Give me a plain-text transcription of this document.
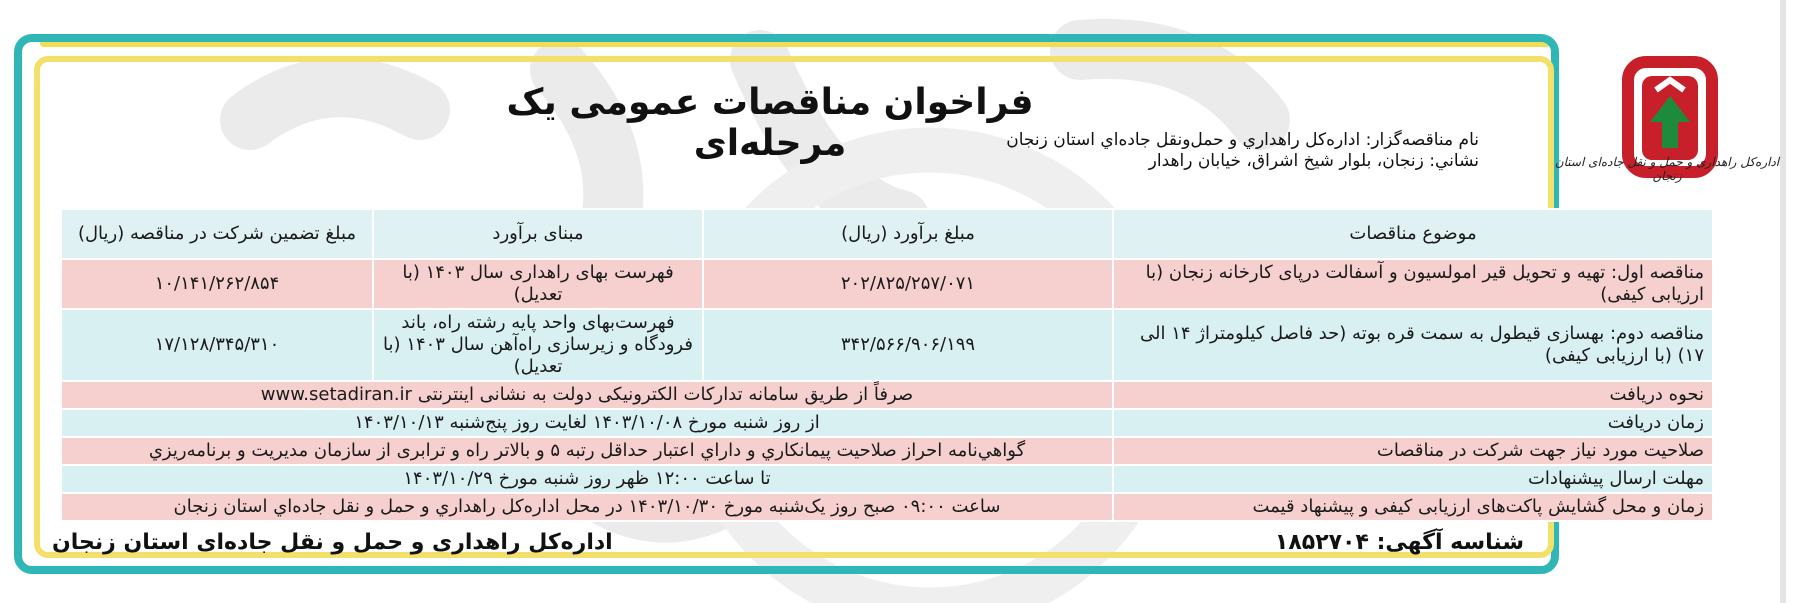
اداره‌کل راهداری و حمل و نقل جاده‌ای استان زنجان
فراخوان مناقصات عمومی یک مرحله‌ای	نام مناقصه‌گزار: اداره‌کل راهداري و حمل‌ونقل جاده‌اي استان زنجان
نشاني: زنجان، بلوار شيخ اشراق، خيابان راهدار
موضوع مناقصات	مبلغ برآورد (ریال)	مبنای برآورد	مبلغ تضمین شرکت در مناقصه (ریال)
مناقصه اول: تهیه و تحویل قیر امولسیون و آسفالت درپای کارخانه زنجان (با ارزیابی کیفی)	۲۰۲/۸۲۵/۲۵۷/۰۷۱	فهرست بهای راهداری سال ۱۴۰۳ (با تعدیل)	۱۰/۱۴۱/۲۶۲/۸۵۴
مناقصه دوم: بهسازی قیطول به سمت قره بوته (حد فاصل کیلومتراژ ۱۴ الی ۱۷) (با ارزیابی کیفی)	۳۴۲/۵۶۶/۹۰۶/۱۹۹	فهرست‌بهای واحد پایه رشته راه، باند فرودگاه و زیرسازی راه‌آهن سال ۱۴۰۳ (با تعدیل)	۱۷/۱۲۸/۳۴۵/۳۱۰
نحوه دریافت	صرفاً از طریق سامانه تدارکات الکترونیکی دولت به نشانی اینترنتی www.setadiran.ir		
زمان دریافت	از روز شنبه مورخ ۱۴۰۳/۱۰/۰۸ لغایت روز پنج‌شنبه ۱۴۰۳/۱۰/۱۳		
صلاحیت مورد نیاز جهت شرکت در مناقصات	گواهي‌نامه احراز صلاحيت پيمانكاري و داراي اعتبار حداقل رتبه ۵ و بالاتر راه و ترابری از سازمان مديريت و برنامه‌ريزي		
مهلت ارسال پیشنهادات	تا ساعت ۱۲:۰۰ ظهر روز شنبه مورخ ۱۴۰۳/۱۰/۲۹		
زمان و محل گشایش پاکت‌های ارزیابی کیفی و پیشنهاد قیمت	ساعت ۰۹:۰۰ صبح روز یک‌شنبه مورخ ۱۴۰۳/۱۰/۳۰ در محل اداره‌کل راهداري و حمل و نقل جاده‌اي استان زنجان		
شناسه آگهی: ۱۸۵۲۷۰۴
اداره‌کل راهداری و حمل و نقل جاده‌ای استان زنجان
